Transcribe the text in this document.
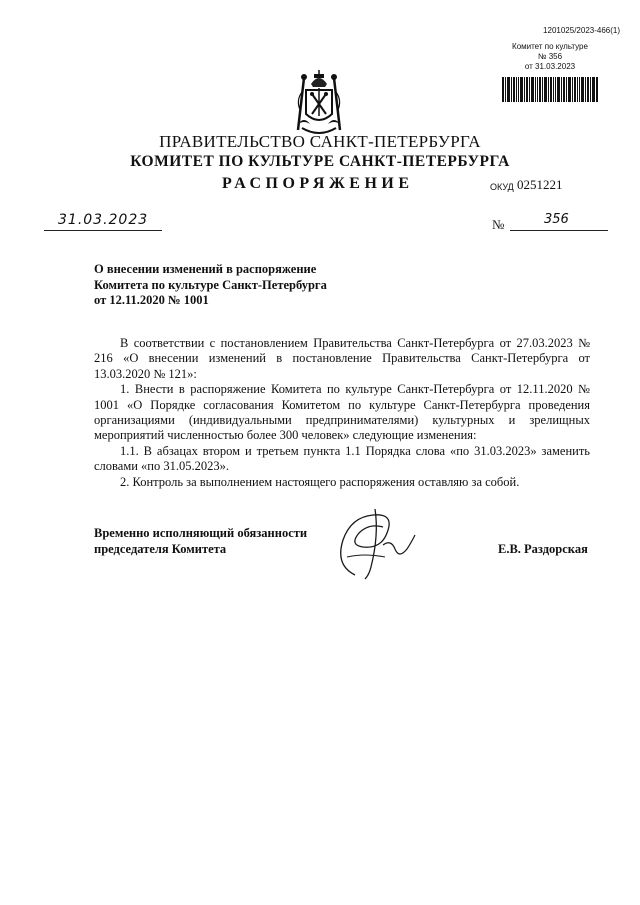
1201025/2023-466(1)
Комитет по культуре
№ 356
от 31.03.2023
ПРАВИТЕЛЬСТВО САНКТ-ПЕТЕРБУРГА
КОМИТЕТ ПО КУЛЬТУРЕ САНКТ-ПЕТЕРБУРГА
РАСПОРЯЖЕНИЕ	ОКУД 0251221
31.03.2023	№	356
О внесении изменений в распоряжение
Комитета по культуре Санкт-Петербурга
от 12.11.2020 № 1001

В соответствии с постановлением Правительства Санкт-Петербурга от 27.03.2023 № 216 «О внесении изменений в постановление Правительства Санкт-Петербурга от 13.03.2020 № 121»:

1. Внести в распоряжение Комитета по культуре Санкт-Петербурга от 12.11.2020 № 1001 «О Порядке согласования Комитетом по культуре Санкт-Петербурга проведения организациями (индивидуальными предпринимателями) культурных и зрелищных мероприятий численностью более 300 человек» следующие изменения:

1.1. В абзацах втором и третьем пункта 1.1 Порядка слова «по 31.03.2023» заменить словами «по 31.05.2023».

2. Контроль за выполнением настоящего распоряжения оставляю за собой.

Временно исполняющий обязанности
председателя Комитета	Е.В. Раздорская
